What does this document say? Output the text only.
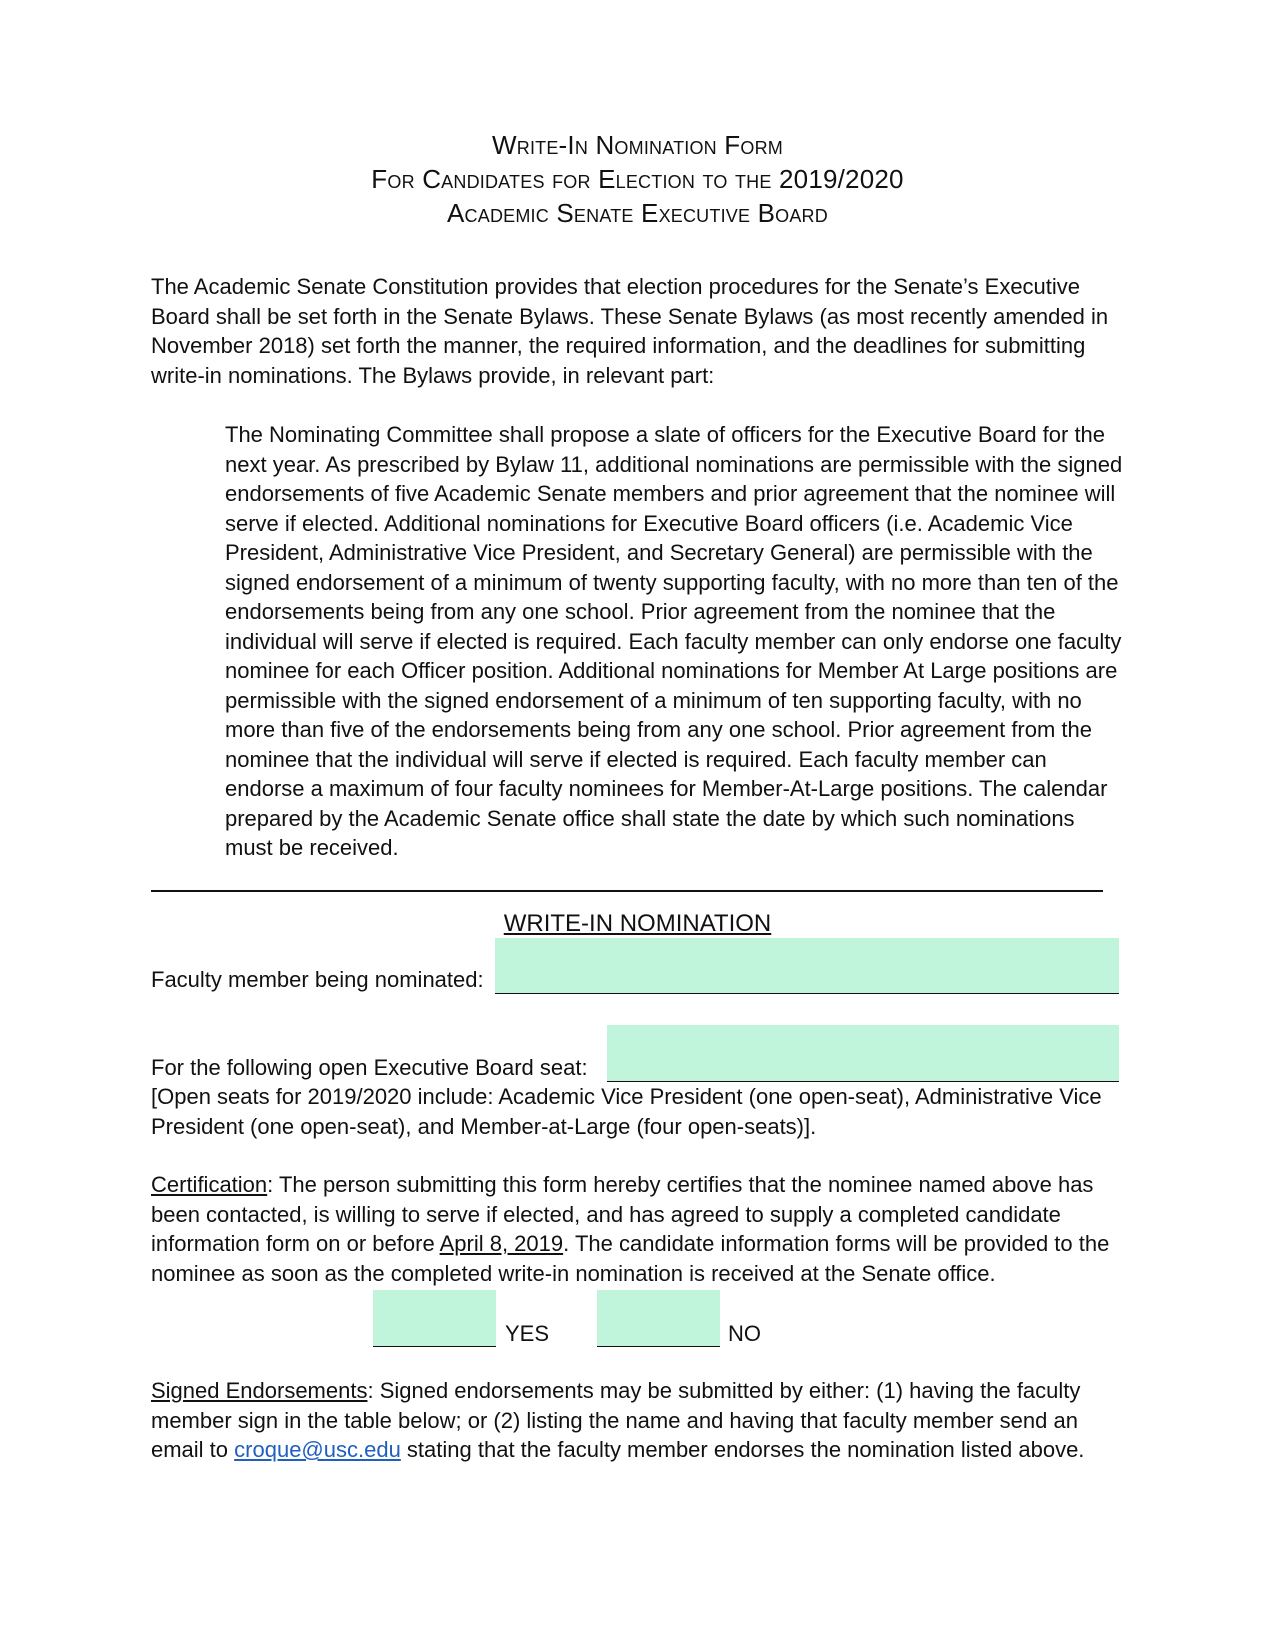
Write-In Nomination Form
For Candidates for Election to the 2019/2020
Academic Senate Executive Board

The Academic Senate Constitution provides that election procedures for the Senate’s Executive Board shall be set forth in the Senate Bylaws. These Senate Bylaws (as most recently amended in November 2018) set forth the manner, the required information, and the deadlines for submitting write-in nominations. The Bylaws provide, in relevant part:

The Nominating Committee shall propose a slate of officers for the Executive Board for the next year. As prescribed by Bylaw 11, additional nominations are permissible with the signed endorsements of five Academic Senate members and prior agreement that the nominee will serve if elected. Additional nominations for Executive Board officers (i.e. Academic Vice President, Administrative Vice President, and Secretary General) are permissible with the signed endorsement of a minimum of twenty supporting faculty, with no more than ten of the endorsements being from any one school. Prior agreement from the nominee that the individual will serve if elected is required. Each faculty member can only endorse one faculty nominee for each Officer position. Additional nominations for Member At Large positions are permissible with the signed endorsement of a minimum of ten supporting faculty, with no more than five of the endorsements being from any one school. Prior agreement from the nominee that the individual will serve if elected is required. Each faculty member can endorse a maximum of four faculty nominees for Member-At-Large positions. The calendar prepared by the Academic Senate office shall state the date by which such nominations must be received.

WRITE-IN NOMINATION
Faculty member being nominated:
For the following open Executive Board seat:

[Open seats for 2019/2020 include: Academic Vice President (one open-seat), Administrative Vice President (one open-seat), and Member-at-Large (four open-seats)].

Certification: The person submitting this form hereby certifies that the nominee named above has been contacted, is willing to serve if elected, and has agreed to supply a completed candidate information form on or before April 8, 2019. The candidate information forms will be provided to the nominee as soon as the completed write-in nomination is received at the Senate office.

YES	NO

Signed Endorsements: Signed endorsements may be submitted by either: (1) having the faculty member sign in the table below; or (2) listing the name and having that faculty member send an email to croque@usc.edu stating that the faculty member endorses the nomination listed above.
